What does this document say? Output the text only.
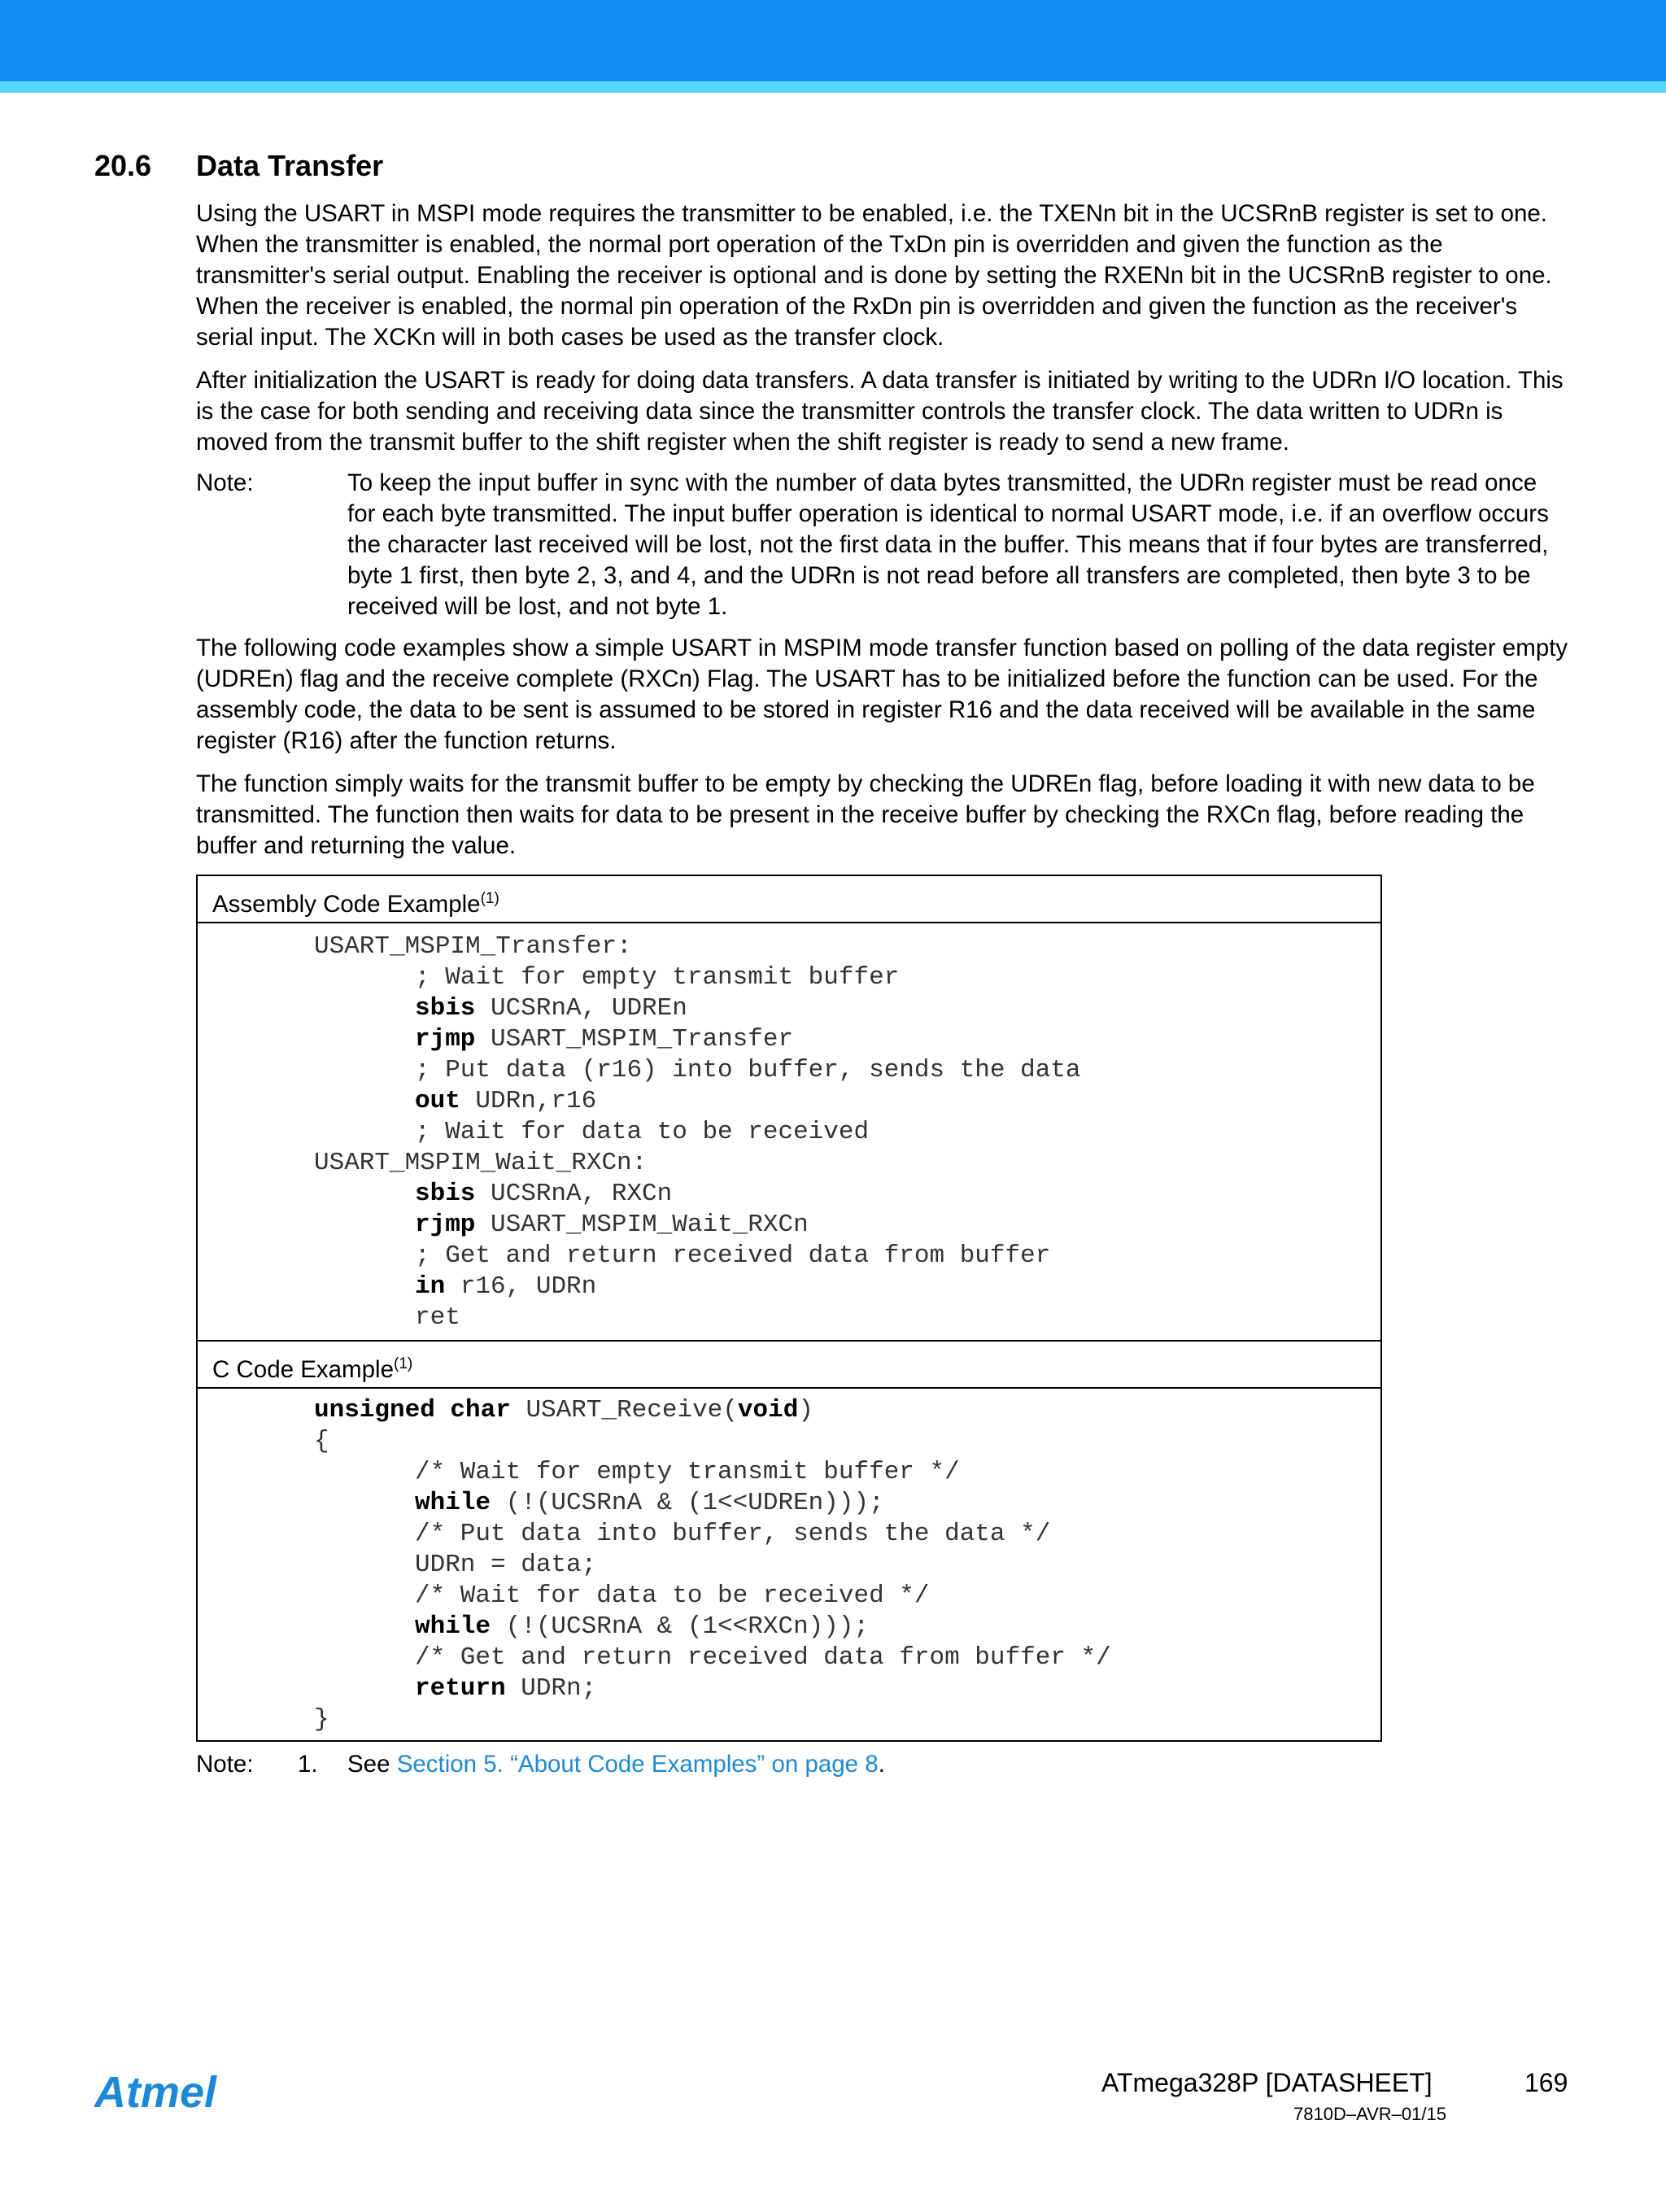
20.6 Data Transfer

Using the USART in MSPI mode requires the transmitter to be enabled, i.e. the TXENn bit in the UCSRnB register is set to one. When the transmitter is enabled, the normal port operation of the TxDn pin is overridden and given the function as the transmitter's serial output. Enabling the receiver is optional and is done by setting the RXENn bit in the UCSRnB register to one. When the receiver is enabled, the normal pin operation of the RxDn pin is overridden and given the function as the receiver's serial input. The XCKn will in both cases be used as the transfer clock.

After initialization the USART is ready for doing data transfers. A data transfer is initiated by writing to the UDRn I/O location. This is the case for both sending and receiving data since the transmitter controls the transfer clock. The data written to UDRn is moved from the transmit buffer to the shift register when the shift register is ready to send a new frame.

Note:	To keep the input buffer in sync with the number of data bytes transmitted, the UDRn register must be read once for each byte transmitted. The input buffer operation is identical to normal USART mode, i.e. if an overflow occurs the character last received will be lost, not the first data in the buffer. This means that if four bytes are transferred, byte 1 first, then byte 2, 3, and 4, and the UDRn is not read before all transfers are completed, then byte 3 to be received will be lost, and not byte 1.

The following code examples show a simple USART in MSPIM mode transfer function based on polling of the data register empty (UDREn) flag and the receive complete (RXCn) Flag. The USART has to be initialized before the function can be used. For the assembly code, the data to be sent is assumed to be stored in register R16 and the data received will be available in the same register (R16) after the function returns.

The function simply waits for the transmit buffer to be empty by checking the UDREn flag, before loading it with new data to be transmitted. The function then waits for data to be present in the receive buffer by checking the RXCn flag, before reading the buffer and returning the value.

Assembly Code Example$^{(1)}$
USART_MSPIM_Transfer:
; Wait for empty transmit buffer
sbis UCSRnA, UDREn
rjmp USART_MSPIM_Transfer
; Put data (r16) into buffer, sends the data
out UDRn,r16
; Wait for data to be received
USART_MSPIM_Wait_RXCn:
sbis UCSRnA, RXCn
rjmp USART_MSPIM_Wait_RXCn
; Get and return received data from buffer
in r16, UDRn
ret
C Code Example$^{(1)}$
unsigned char USART_Receive(void)
{
/* Wait for empty transmit buffer */
while (!(UCSRnA & (1<<UDREn)));
/* Put data into buffer, sends the data */
UDRn = data;
/* Wait for data to be received */
while (!(UCSRnA & (1<<RXCn)));
/* Get and return received data from buffer */
return UDRn;
}
Note: 1. See Section 5. “About Code Examples” on page 8.
Atmel	ATmega328P [DATASHEET]	169
7810D–AVR–01/15
